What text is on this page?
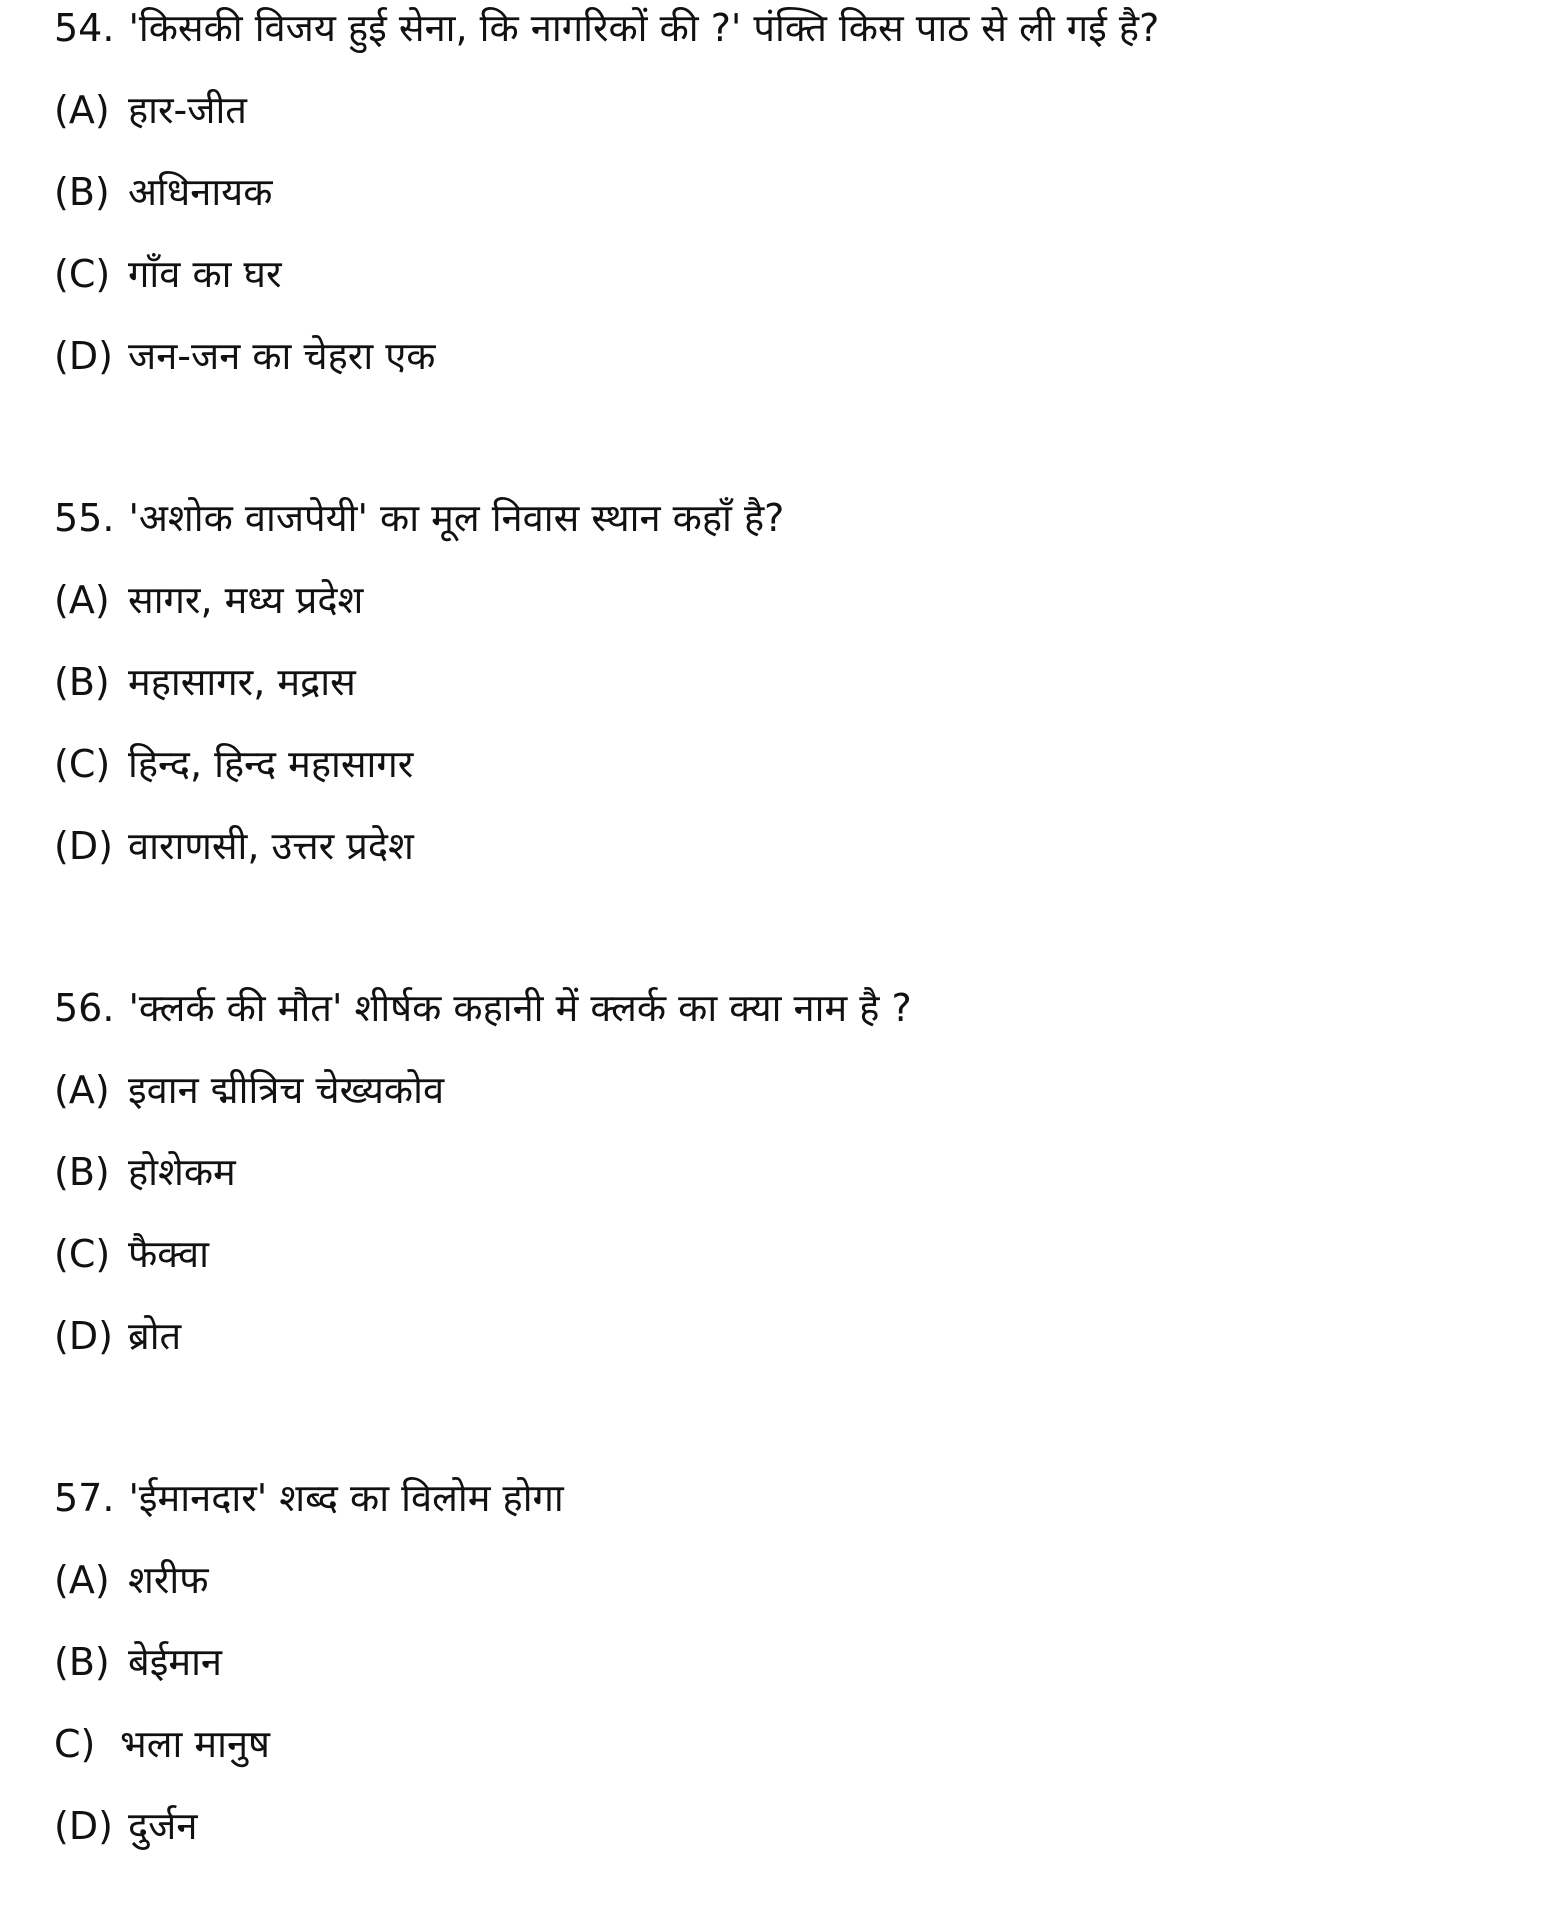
54. 'किसकी विजय हुई सेना, कि नागरिकों की ?' पंक्ति किस पाठ से ली गई है?
(A) हार-जीत
(B) अधिनायक
(C) गाँव का घर
(D) जन-जन का चेहरा एक
55. 'अशोक वाजपेयी' का मूल निवास स्थान कहाँ है?
(A) सागर, मध्य प्रदेश
(B) महासागर, मद्रास
(C) हिन्द, हिन्द महासागर
(D) वाराणसी, उत्तर प्रदेश
56. 'क्लर्क की मौत' शीर्षक कहानी में क्लर्क का क्या नाम है ?
(A) इवान द्मीत्रिच चेख्यकोव
(B) होशेकम
(C) फैक्वा
(D) ब्रोत
57. 'ईमानदार' शब्द का विलोम होगा
(A) शरीफ
(B) बेईमान
C) भला मानुष
(D) दुर्जन
